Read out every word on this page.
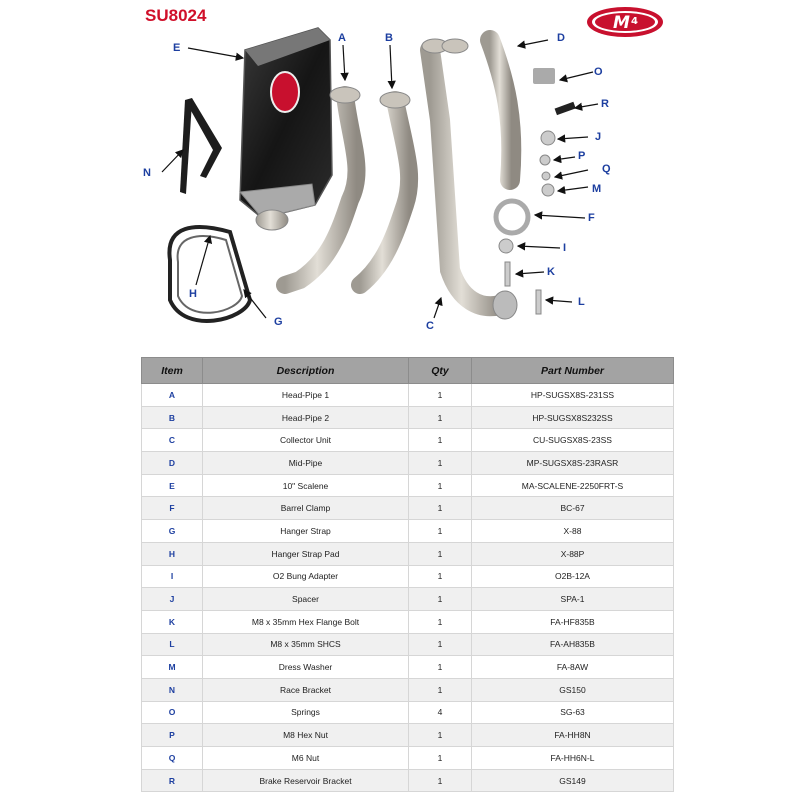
SU8024	M 4
E
A	B	D
O
R
J
P
Q
M
F
I
K
L
N
H
G	C
Item	Description	Qty	Part Number
A	Head-Pipe 1	1	HP-SUGSX8S-231SS
B	Head-Pipe 2	1	HP-SUGSX8S232SS
C	Collector Unit	1	CU-SUGSX8S-23SS
D	Mid-Pipe	1	MP-SUGSX8S-23RASR
E	10" Scalene	1	MA-SCALENE-2250FRT-S
F	Barrel Clamp	1	BC-67
G	Hanger Strap	1	X-88
H	Hanger Strap Pad	1	X-88P
I	O2 Bung Adapter	1	O2B-12A
J	Spacer	1	SPA-1
K	M8 x 35mm Hex Flange Bolt	1	FA-HF835B
L	M8 x 35mm SHCS	1	FA-AH835B
M	Dress Washer	1	FA-8AW
N	Race Bracket	1	GS150
O	Springs	4	SG-63
P	M8 Hex Nut	1	FA-HH8N
Q	M6 Nut	1	FA-HH6N-L
R	Brake Reservoir Bracket	1	GS149
